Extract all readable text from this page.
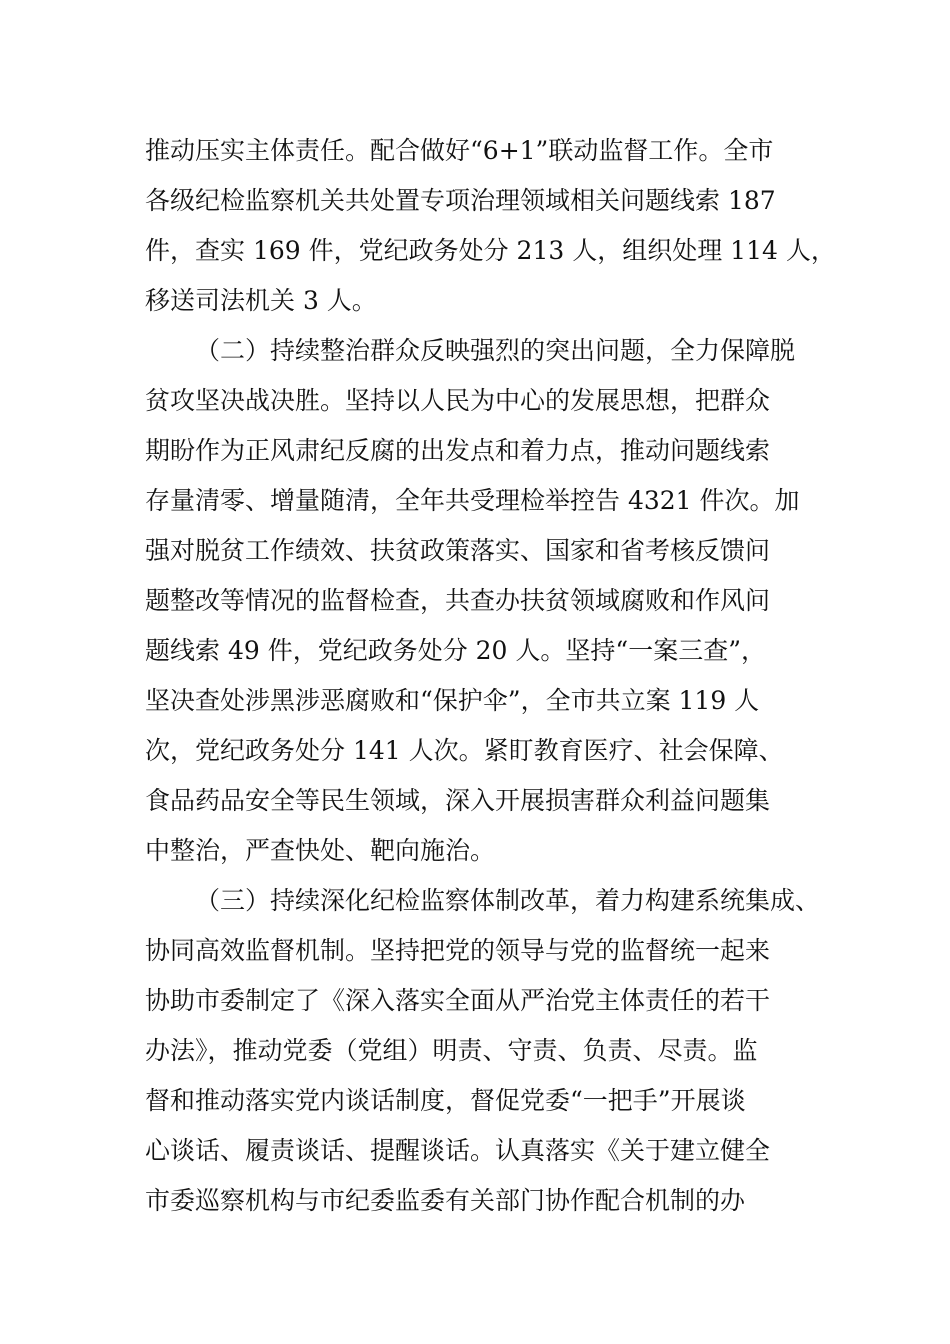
推动压实主体责任。配合做好“6+1”联动监督工作。全市
各级纪检监察机关共处置专项治理领域相关问题线索 187
件，查实 169 件，党纪政务处分 213 人，组织处理 114 人，
移送司法机关 3 人。
（二）持续整治群众反映强烈的突出问题，全力保障脱
贫攻坚决战决胜。坚持以人民为中心的发展思想，把群众
期盼作为正风肃纪反腐的出发点和着力点，推动问题线索
存量清零、增量随清，全年共受理检举控告 4321 件次。加
强对脱贫工作绩效、扶贫政策落实、国家和省考核反馈问
题整改等情况的监督检查，共查办扶贫领域腐败和作风问
题线索 49 件，党纪政务处分 20 人。坚持“一案三查”，
坚决查处涉黑涉恶腐败和“保护伞”，全市共立案 119 人
次，党纪政务处分 141 人次。紧盯教育医疗、社会保障、
食品药品安全等民生领域，深入开展损害群众利益问题集
中整治，严查快处、靶向施治。
（三）持续深化纪检监察体制改革，着力构建系统集成、
协同高效监督机制。坚持把党的领导与党的监督统一起来
协助市委制定了《深入落实全面从严治党主体责任的若干
办法》，推动党委（党组）明责、守责、负责、尽责。监
督和推动落实党内谈话制度，督促党委“一把手”开展谈
心谈话、履责谈话、提醒谈话。认真落实《关于建立健全
市委巡察机构与市纪委监委有关部门协作配合机制的办
